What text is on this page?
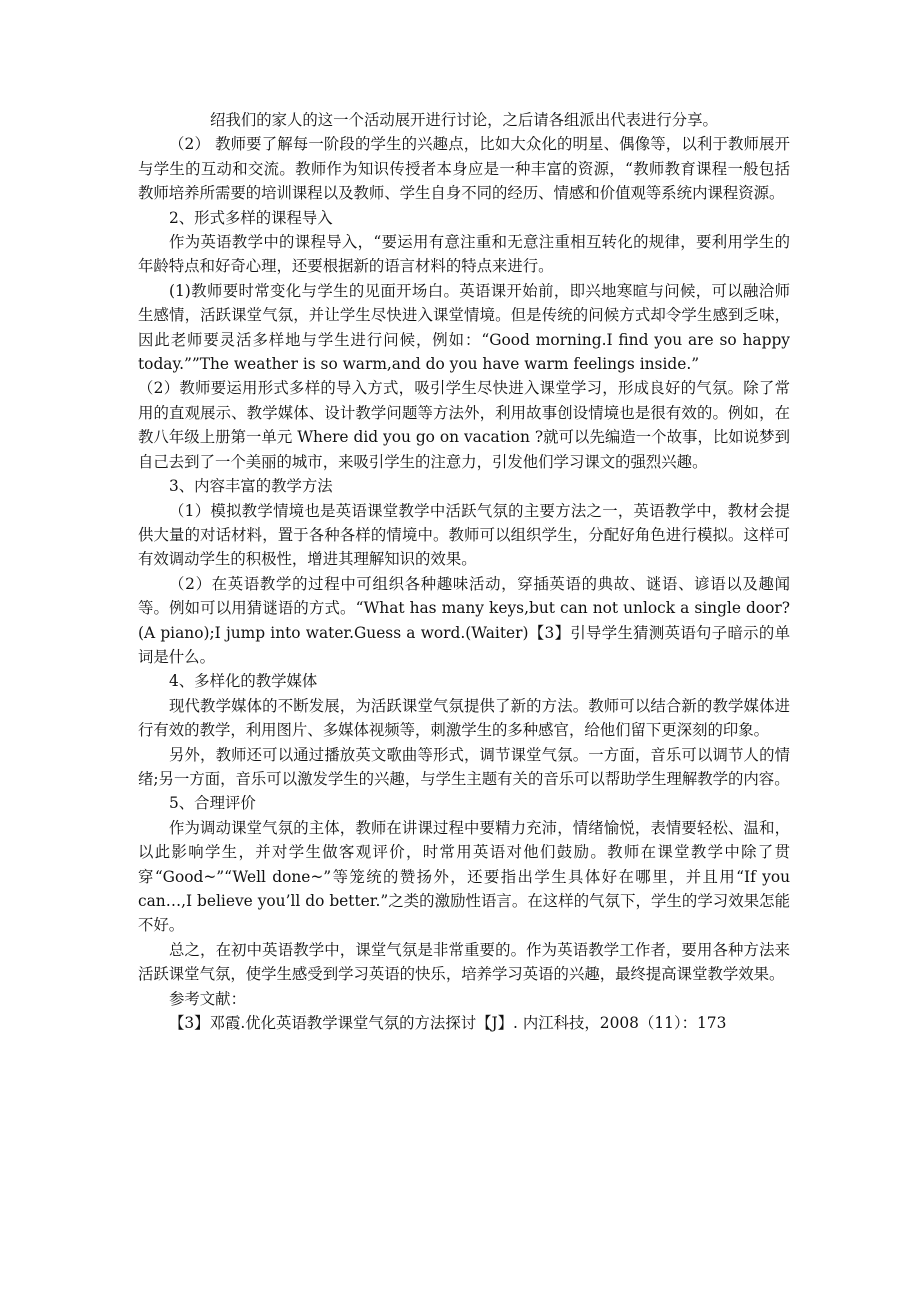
绍我们的家人的这一个活动展开进行讨论，之后请各组派出代表进行分享。

（2） 教师要了解每一阶段的学生的兴趣点，比如大众化的明星、偶像等，以利于教师展开与学生的互动和交流。教师作为知识传授者本身应是一种丰富的资源，“教师教育课程一般包括教师培养所需要的培训课程以及教师、学生自身不同的经历、情感和价值观等系统内课程资源。

2、形式多样的课程导入

作为英语教学中的课程导入，“要运用有意注重和无意注重相互转化的规律，要利用学生的年龄特点和好奇心理，还要根据新的语言材料的特点来进行。

(1)教师要时常变化与学生的见面开场白。英语课开始前，即兴地寒暄与问候，可以融洽师生感情，活跃课堂气氛，并让学生尽快进入课堂情境。但是传统的问候方式却令学生感到乏味，因此老师要灵活多样地与学生进行问候，例如：“Good morning.I find you are so happy today.””The weather is so warm,and do you have warm feelings inside.”

（2）教师要运用形式多样的导入方式，吸引学生尽快进入课堂学习，形成良好的气氛。除了常用的直观展示、教学媒体、设计教学问题等方法外，利用故事创设情境也是很有效的。例如，在教八年级上册第一单元 Where did you go on vacation ?就可以先编造一个故事，比如说梦到自己去到了一个美丽的城市，来吸引学生的注意力，引发他们学习课文的强烈兴趣。

3、内容丰富的教学方法

（1）模拟教学情境也是英语课堂教学中活跃气氛的主要方法之一，英语教学中，教材会提供大量的对话材料，置于各种各样的情境中。教师可以组织学生，分配好角色进行模拟。这样可有效调动学生的积极性，增进其理解知识的效果。

（2）在英语教学的过程中可组织各种趣味活动，穿插英语的典故、谜语、谚语以及趣闻等。例如可以用猜谜语的方式。“What has many keys,but can not unlock a single door?(A piano);I jump into water.Guess a word.(Waiter)【3】引导学生猜测英语句子暗示的单词是什么。

4、多样化的教学媒体

现代教学媒体的不断发展，为活跃课堂气氛提供了新的方法。教师可以结合新的教学媒体进行有效的教学，利用图片、多媒体视频等，刺激学生的多种感官，给他们留下更深刻的印象。

另外，教师还可以通过播放英文歌曲等形式，调节课堂气氛。一方面，音乐可以调节人的情绪;另一方面，音乐可以激发学生的兴趣，与学生主题有关的音乐可以帮助学生理解教学的内容。

5、合理评价

作为调动课堂气氛的主体，教师在讲课过程中要精力充沛，情绪愉悦，表情要轻松、温和，以此影响学生，并对学生做客观评价，时常用英语对他们鼓励。教师在课堂教学中除了贯穿“Good~”“Well done~”等笼统的赞扬外，还要指出学生具体好在哪里，并且用“If you can…,I believe you’ll do better.”之类的激励性语言。在这样的气氛下，学生的学习效果怎能不好。

总之，在初中英语教学中，课堂气氛是非常重要的。作为英语教学工作者，要用各种方法来活跃课堂气氛，使学生感受到学习英语的快乐，培养学习英语的兴趣，最终提高课堂教学效果。

参考文献：

【3】邓霞.优化英语教学课堂气氛的方法探讨【J】. 内江科技，2008（11）：173
